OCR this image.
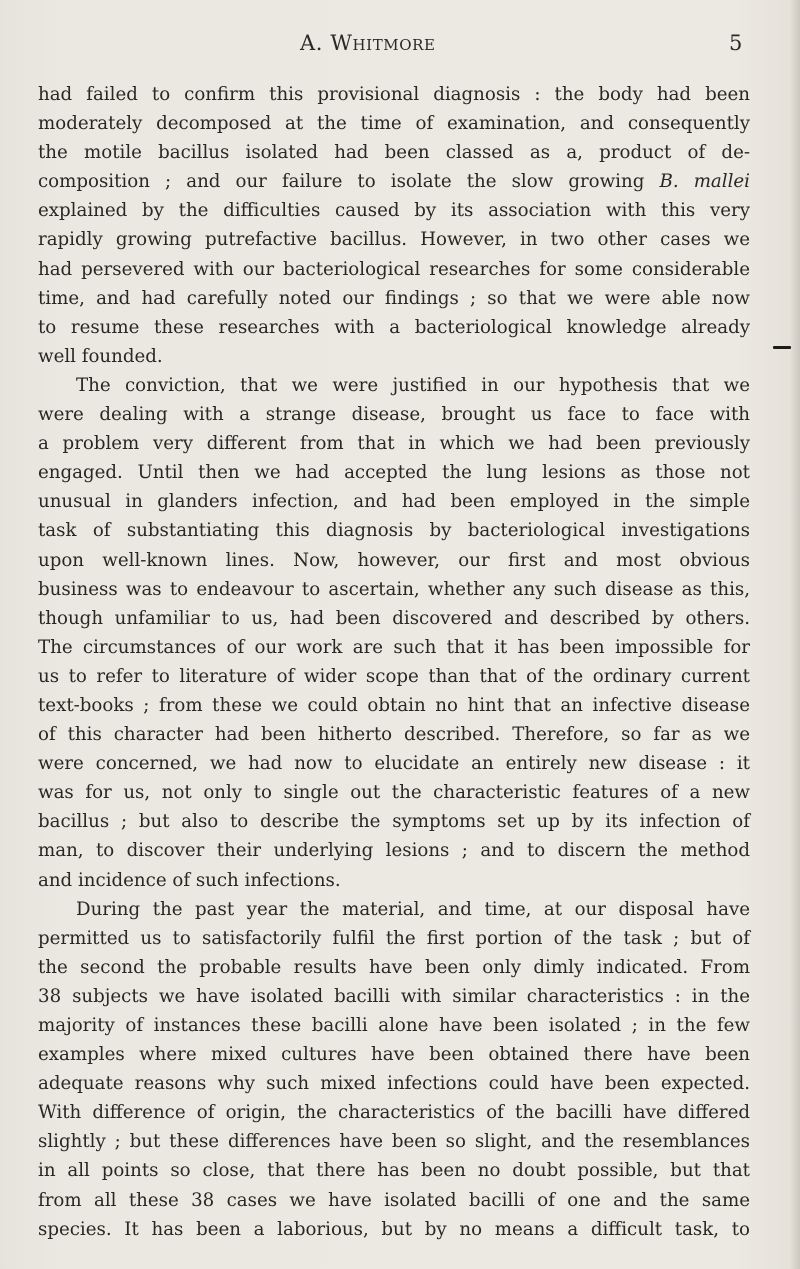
A. Whitmore	5
had failed to confirm this provisional diagnosis : the body had been
moderately decomposed at the time of examination, and consequently
the motile bacillus isolated had been classed as a, product of de-
composition ; and our failure to isolate the slow growing B. mallei
explained by the difficulties caused by its association with this very
rapidly growing putrefactive bacillus. However, in two other cases we
had persevered with our bacteriological researches for some considerable
time, and had carefully noted our findings ; so that we were able now
to resume these researches with a bacteriological knowledge already
well founded.
The conviction, that we were justified in our hypothesis that we
were dealing with a strange disease, brought us face to face with
a problem very different from that in which we had been previously
engaged. Until then we had accepted the lung lesions as those not
unusual in glanders infection, and had been employed in the simple
task of substantiating this diagnosis by bacteriological investigations
upon well-known lines. Now, however, our first and most obvious
business was to endeavour to ascertain, whether any such disease as this,
though unfamiliar to us, had been discovered and described by others.
The circumstances of our work are such that it has been impossible for
us to refer to literature of wider scope than that of the ordinary current
text-books ; from these we could obtain no hint that an infective disease
of this character had been hitherto described. Therefore, so far as we
were concerned, we had now to elucidate an entirely new disease : it
was for us, not only to single out the characteristic features of a new
bacillus ; but also to describe the symptoms set up by its infection of
man, to discover their underlying lesions ; and to discern the method
and incidence of such infections.
During the past year the material, and time, at our disposal have
permitted us to satisfactorily fulfil the first portion of the task ; but of
the second the probable results have been only dimly indicated. From
38 subjects we have isolated bacilli with similar characteristics : in the
majority of instances these bacilli alone have been isolated ; in the few
examples where mixed cultures have been obtained there have been
adequate reasons why such mixed infections could have been expected.
With difference of origin, the characteristics of the bacilli have differed
slightly ; but these differences have been so slight, and the resemblances
in all points so close, that there has been no doubt possible, but that
from all these 38 cases we have isolated bacilli of one and the same
species. It has been a laborious, but by no means a difficult task, to
